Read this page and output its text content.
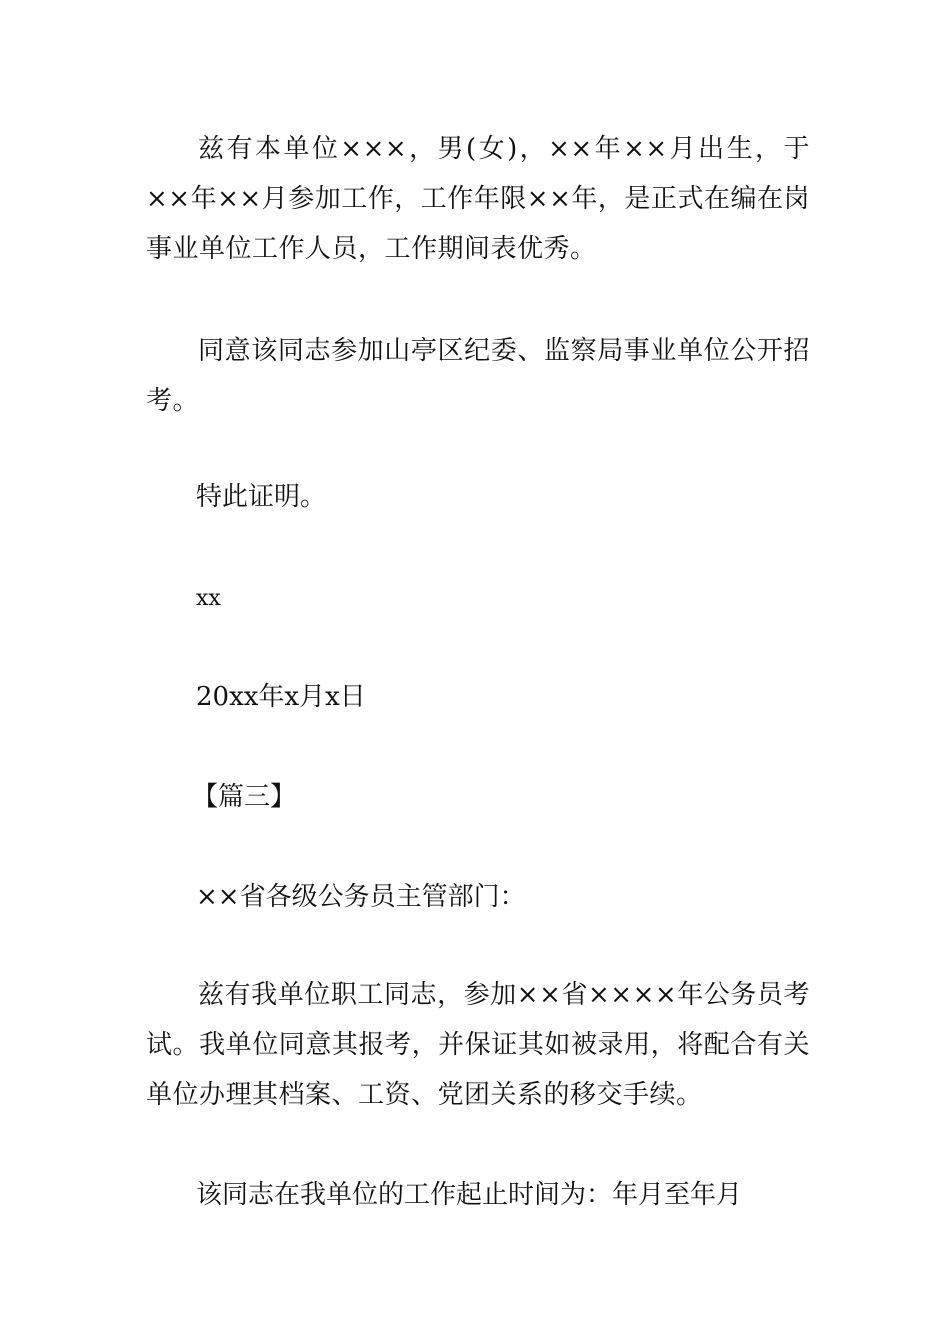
兹有本单位×××，男(女)，××年××月出生，于××年××月参加工作，工作年限××年，是正式在编在岗事业单位工作人员，工作期间表优秀。

同意该同志参加山亭区纪委、监察局事业单位公开招考。

特此证明。

xx

20xx年x月x日

【篇三】

××省各级公务员主管部门：

兹有我单位职工同志，参加××省××××年公务员考试。我单位同意其报考，并保证其如被录用，将配合有关单位办理其档案、工资、党团关系的移交手续。

该同志在我单位的工作起止时间为：年月至年月
